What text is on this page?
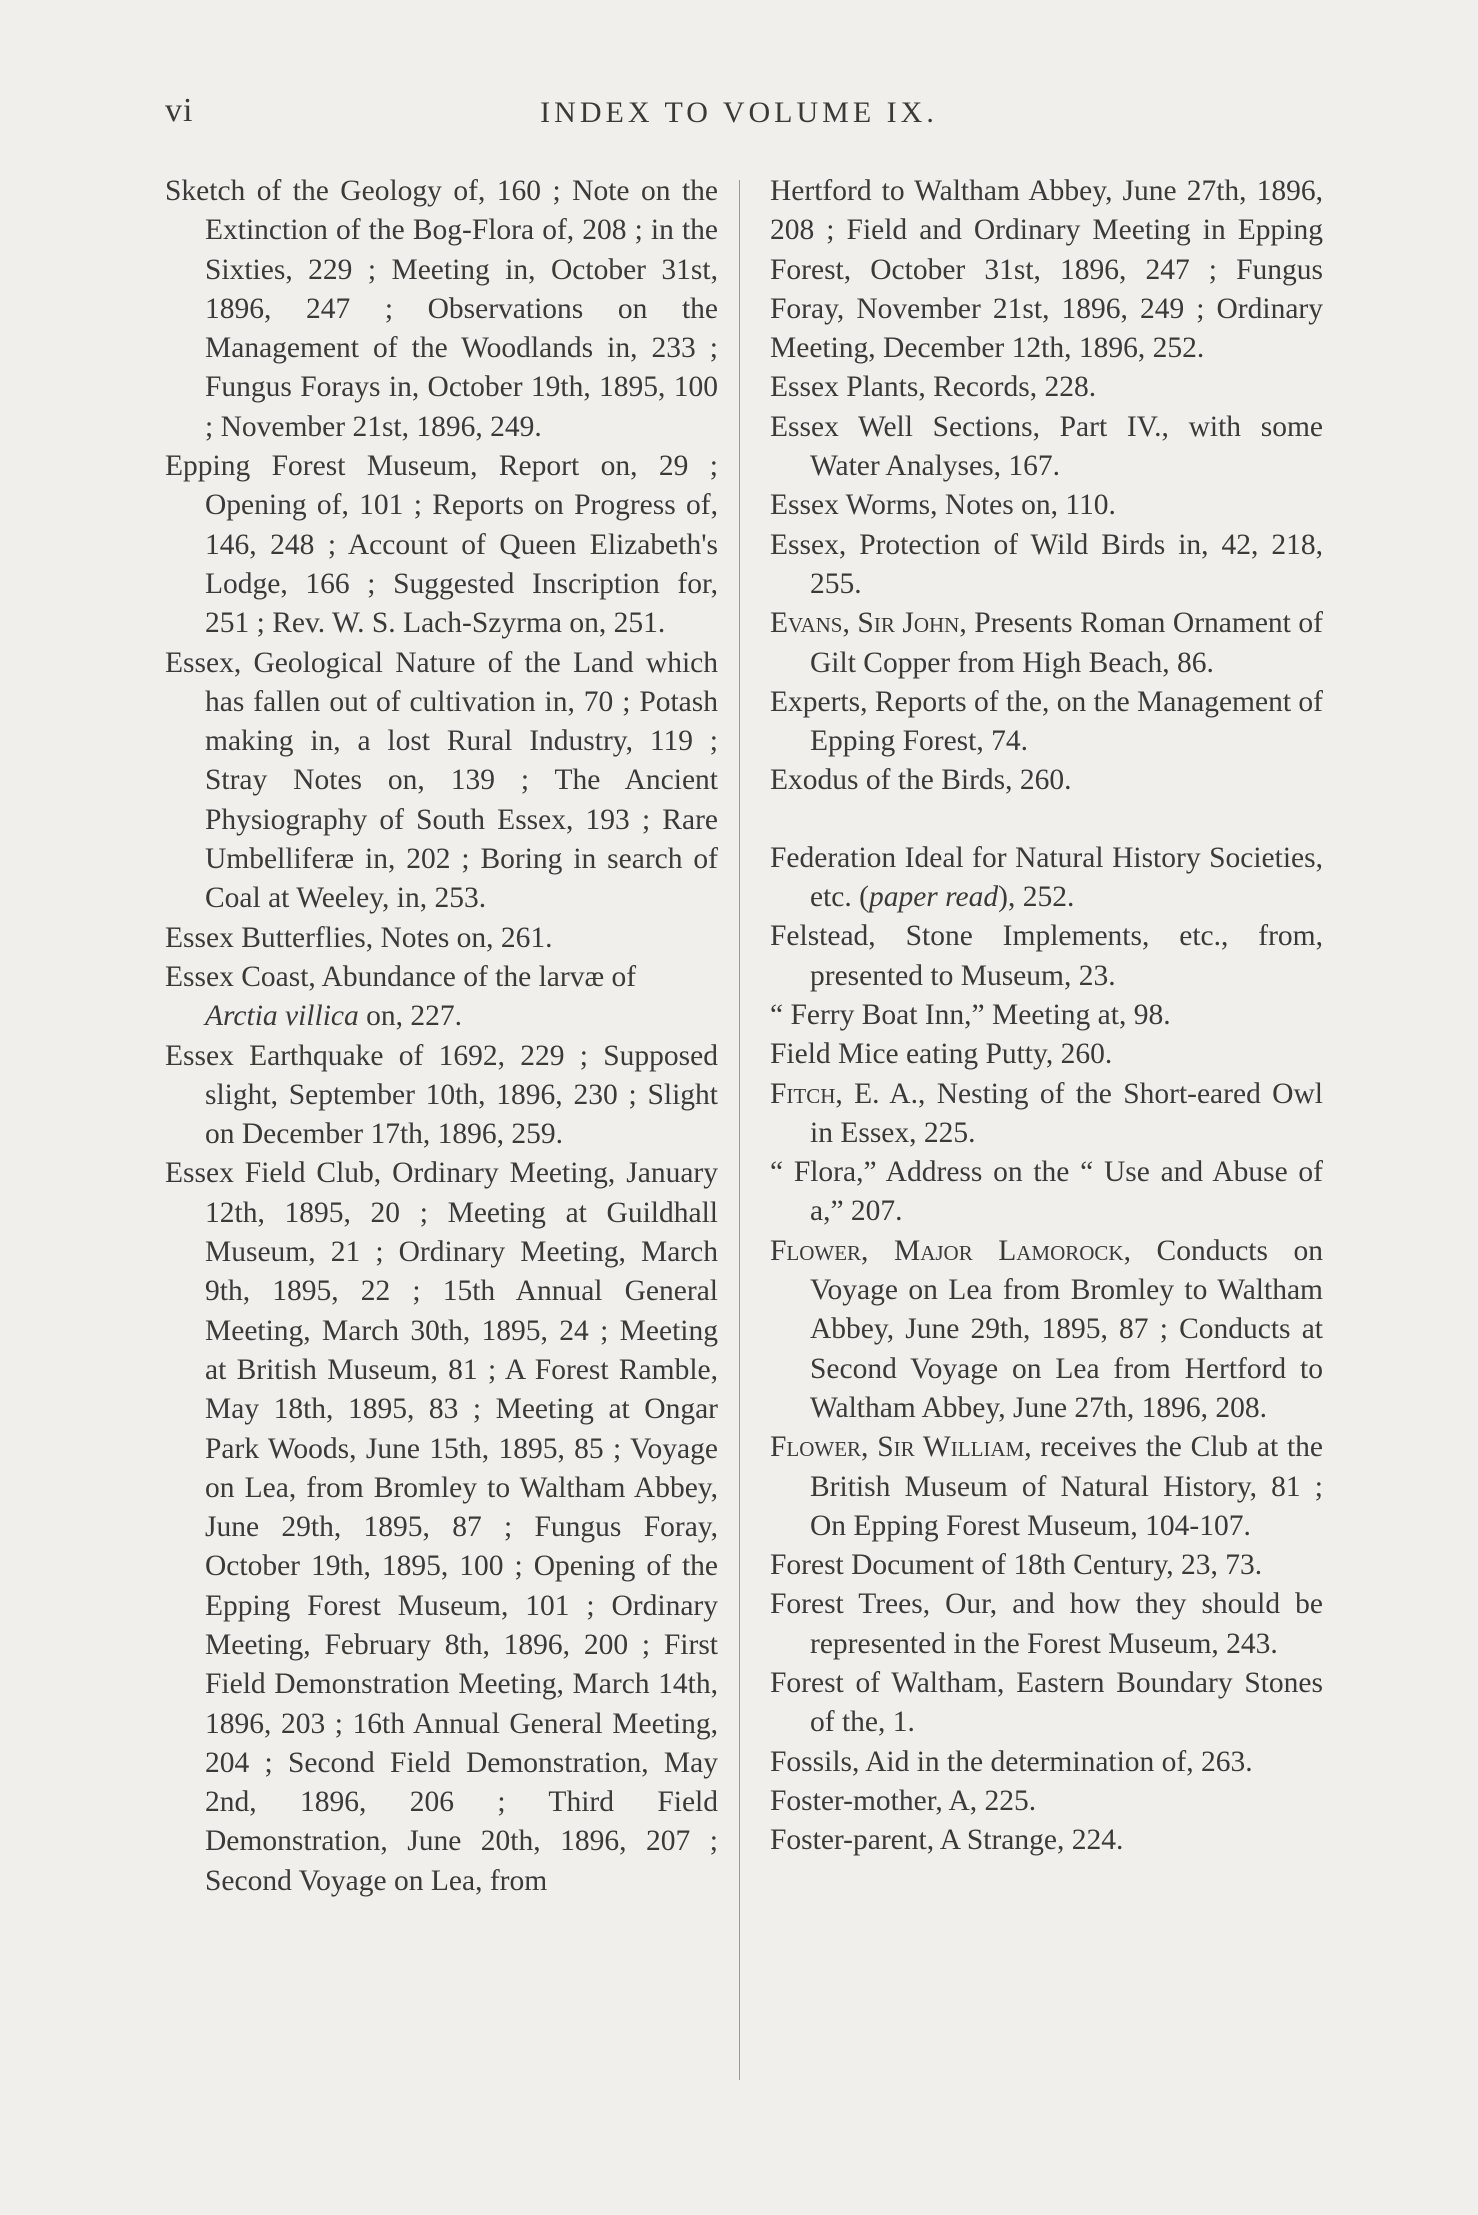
vi	INDEX TO VOLUME IX.

Sketch of the Geology of, 160 ; Note on the Extinction of the Bog-Flora of, 208 ; in the Sixties, 229 ; Meeting in, October 31st, 1896, 247 ; Observations on the Management of the Woodlands in, 233 ; Fungus Forays in, October 19th, 1895, 100 ; November 21st, 1896, 249.

Epping Forest Museum, Report on, 29 ; Opening of, 101 ; Reports on Progress of, 146, 248 ; Account of Queen Elizabeth's Lodge, 166 ; Suggested Inscription for, 251 ; Rev. W. S. Lach-Szyrma on, 251.

Essex, Geological Nature of the Land which has fallen out of cultivation in, 70 ; Potash making in, a lost Rural Industry, 119 ; Stray Notes on, 139 ; The Ancient Physiography of South Essex, 193 ; Rare Umbelliferæ in, 202 ; Boring in search of Coal at Weeley, in, 253.

Essex Butterflies, Notes on, 261.

Essex Coast, Abundance of the larvæ of
Arctia villica on, 227.

Essex Earthquake of 1692, 229 ; Supposed slight, September 10th, 1896, 230 ; Slight on December 17th, 1896, 259.

Essex Field Club, Ordinary Meeting, January 12th, 1895, 20 ; Meeting at Guildhall Museum, 21 ; Ordinary Meeting, March 9th, 1895, 22 ; 15th Annual General Meeting, March 30th, 1895, 24 ; Meeting at British Museum, 81 ; A Forest Ramble, May 18th, 1895, 83 ; Meeting at Ongar Park Woods, June 15th, 1895, 85 ; Voyage on Lea, from Bromley to Waltham Abbey, June 29th, 1895, 87 ; Fungus Foray, October 19th, 1895, 100 ; Opening of the Epping Forest Museum, 101 ; Ordinary Meeting, February 8th, 1896, 200 ; First Field Demonstration Meeting, March 14th, 1896, 203 ; 16th Annual General Meeting, 204 ; Second Field Demonstration, May 2nd, 1896, 206 ; Third Field Demonstration, June 20th, 1896, 207 ; Second Voyage on Lea, from

Hertford to Waltham Abbey, June 27th, 1896, 208 ; Field and Ordinary Meeting in Epping Forest, October 31st, 1896, 247 ; Fungus Foray, November 21st, 1896, 249 ; Ordinary Meeting, December 12th, 1896, 252.

Essex Plants, Records, 228.

Essex Well Sections, Part IV., with some Water Analyses, 167.

Essex Worms, Notes on, 110.

Essex, Protection of Wild Birds in, 42, 218, 255.

Evans, Sir John, Presents Roman Ornament of Gilt Copper from High Beach, 86.

Experts, Reports of the, on the Management of Epping Forest, 74.

Exodus of the Birds, 260.

Federation Ideal for Natural History Societies, etc. (paper read), 252.

Felstead, Stone Implements, etc., from, presented to Museum, 23.

“ Ferry Boat Inn,” Meeting at, 98.

Field Mice eating Putty, 260.

Fitch, E. A., Nesting of the Short-eared Owl in Essex, 225.

“ Flora,” Address on the “ Use and Abuse of a,” 207.

Flower, Major Lamorock, Conducts on Voyage on Lea from Bromley to Waltham Abbey, June 29th, 1895, 87 ; Conducts at Second Voyage on Lea from Hertford to Waltham Abbey, June 27th, 1896, 208.

Flower, Sir William, receives the Club at the British Museum of Natural History, 81 ; On Epping Forest Museum, 104-107.

Forest Document of 18th Century, 23, 73.

Forest Trees, Our, and how they should be represented in the Forest Museum, 243.

Forest of Waltham, Eastern Boundary Stones of the, 1.

Fossils, Aid in the determination of, 263.

Foster-mother, A, 225.

Foster-parent, A Strange, 224.
